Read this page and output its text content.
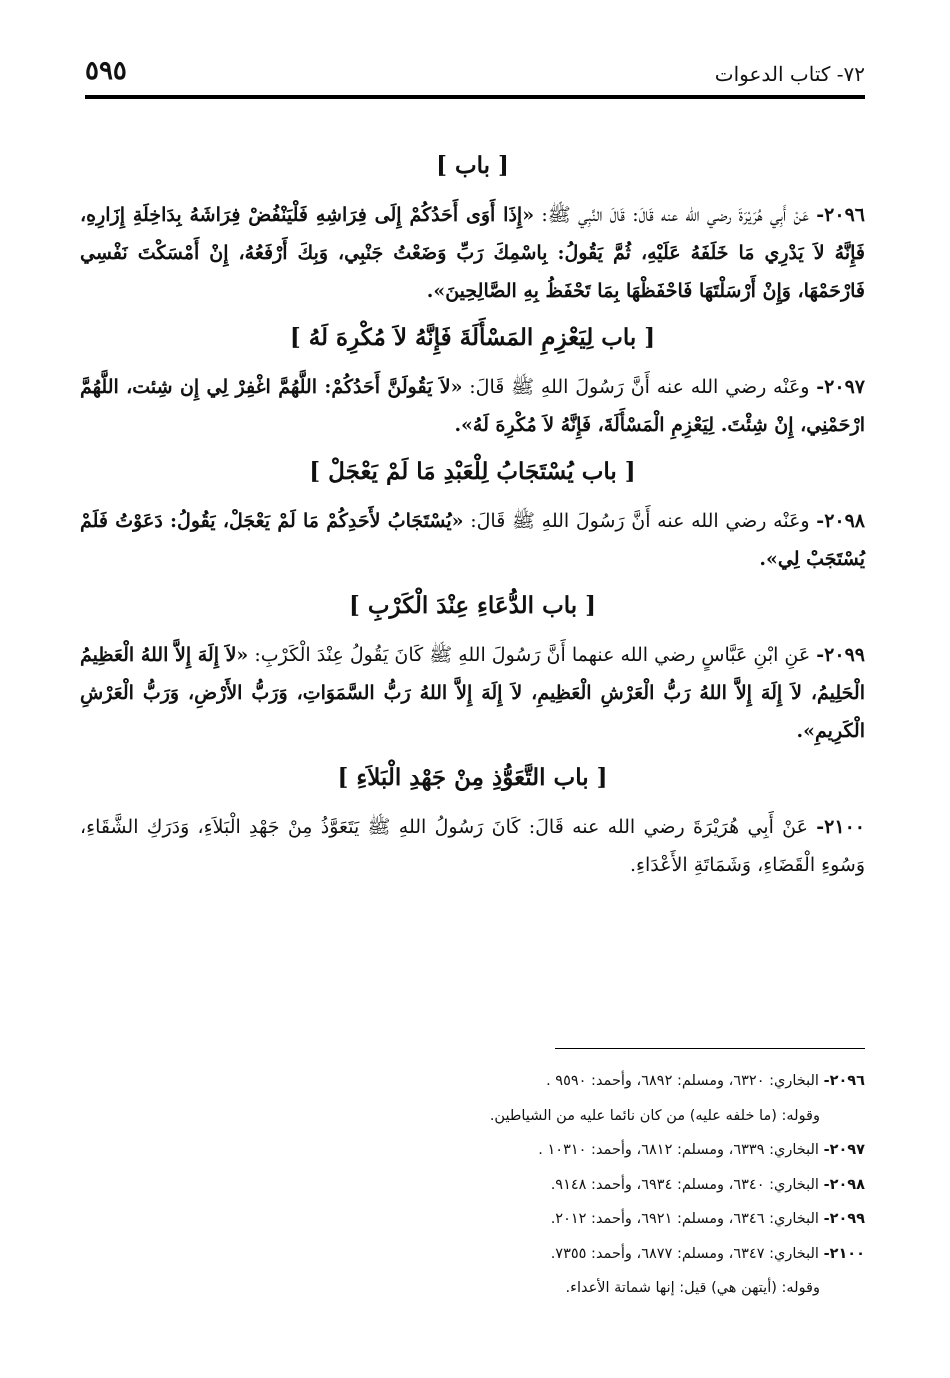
٧٢- كتاب الدعوات
٥٩٥
[ باب ]

٢٠٩٦- عَنْ أَبِي هُرَيْرَةَ رضي الله عنه قَالَ: قَالَ النَّبِي ﷺ: «إِذَا أَوَى أَحَدُكُمْ إِلَى فِرَاشِهِ فَلْيَنْفُضْ فِرَاشَهُ بِدَاخِلَةِ إِزَارِهِ، فَإِنَّهُ لاَ يَدْرِي مَا خَلَفَهُ عَلَيْهِ، ثُمَّ يَقُولُ: بِاسْمِكَ رَبِّ وَضَعْتُ جَنْبِي، وَبِكَ أَرْفَعُهُ، إِنْ أَمْسَكْتَ نَفْسِي فَارْحَمْهَا، وَإِنْ أَرْسَلْتَهَا فَاحْفَظْهَا بِمَا تَحْفَظُ بِهِ الصَّالِحِينَ».

[ باب لِيَعْزِمِ المَسْأَلَةَ فَإِنَّهُ لاَ مُكْرِهَ لَهُ ]

٢٠٩٧- وعَنْه رضي الله عنه أَنَّ رَسُولَ اللهِ ﷺ قَالَ: «لاَ يَقُولَنَّ أَحَدُكُمْ: اللَّهُمَّ اغْفِرْ لِي إِن شِئت، اللَّهُمَّ ارْحَمْنِي، إِنْ شِئْتَ. لِيَعْزِمِ الْمَسْأَلَةَ، فَإِنَّهُ لاَ مُكْرِهَ لَهُ».

[ باب يُسْتَجَابُ لِلْعَبْدِ مَا لَمْ يَعْجَلْ ]

٢٠٩٨- وعَنْه رضي الله عنه أَنَّ رَسُولَ اللهِ ﷺ قَالَ: «يُسْتَجَابُ لأَحَدِكُمْ مَا لَمْ يَعْجَلْ، يَقُولُ: دَعَوْتُ فَلَمْ يُسْتَجَبْ لِي».

[ باب الدُّعَاءِ عِنْدَ الْكَرْبِ ]

٢٠٩٩- عَنِ ابْنِ عَبَّاسٍ رضي الله عنهما أَنَّ رَسُولَ اللهِ ﷺ كَانَ يَقُولُ عِنْدَ الْكَرْبِ: «لاَ إِلَهَ إِلاَّ اللهُ الْعَظِيمُ الْحَلِيمُ، لاَ إِلَهَ إِلاَّ اللهُ رَبُّ الْعَرْشِ الْعَظِيمِ، لاَ إِلَهَ إِلاَّ اللهُ رَبُّ السَّمَوَاتِ، وَرَبُّ الأَرْضِ، وَرَبُّ الْعَرْشِ الْكَرِيمِ».

[ باب التَّعَوُّذِ مِنْ جَهْدِ الْبَلاَءِ ]

٢١٠٠- عَنْ أَبِي هُرَيْرَةَ رضي الله عنه قَالَ: كَانَ رَسُولُ اللهِ ﷺ يَتَعَوَّذُ مِنْ جَهْدِ الْبَلاَءِ، وَدَرَكِ الشَّقَاءِ، وَسُوءِ الْقَضَاءِ، وَشَمَاتَةِ الأَعْدَاءِ.

٢٠٩٦- البخاري: ٦٣٢٠، ومسلم: ٦٨٩٢، وأحمد: ٩٥٩٠ .
وقوله: (ما خلفه عليه) من كان نائما عليه من الشياطين.
٢٠٩٧- البخاري: ٦٣٣٩، ومسلم: ٦٨١٢، وأحمد: ١٠٣١٠ .
٢٠٩٨- البخاري: ٦٣٤٠، ومسلم: ٦٩٣٤، وأحمد: ٩١٤٨.
٢٠٩٩- البخاري: ٦٣٤٦، ومسلم: ٦٩٢١، وأحمد: ٢٠١٢.
٢١٠٠- البخاري: ٦٣٤٧، ومسلم: ٦٨٧٧، وأحمد: ٧٣٥٥.
وقوله: (أيتهن هي) قيل: إنها شماتة الأعداء.
